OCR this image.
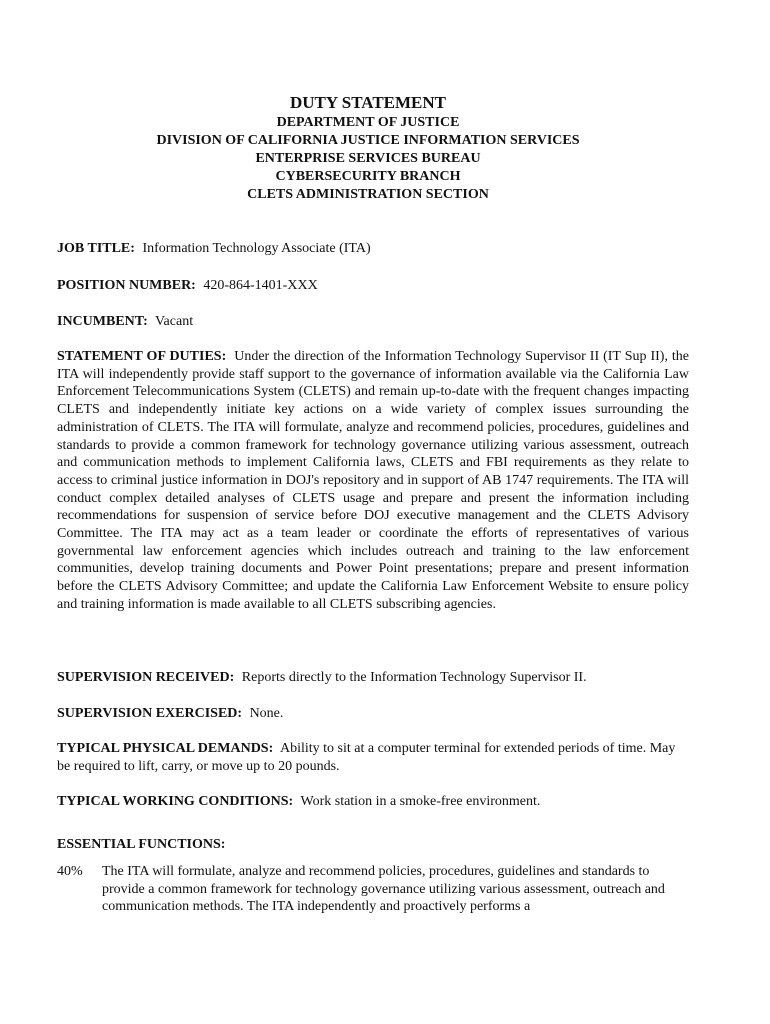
DUTY STATEMENT
DEPARTMENT OF JUSTICE
DIVISION OF CALIFORNIA JUSTICE INFORMATION SERVICES
ENTERPRISE SERVICES BUREAU
CYBERSECURITY BRANCH
CLETS ADMINISTRATION SECTION
JOB TITLE: Information Technology Associate (ITA)
POSITION NUMBER: 420-864-1401-XXX
INCUMBENT: Vacant
STATEMENT OF DUTIES: Under the direction of the Information Technology Supervisor II (IT Sup II), the ITA will independently provide staff support to the governance of information available via the California Law Enforcement Telecommunications System (CLETS) and remain up-to-date with the frequent changes impacting CLETS and independently initiate key actions on a wide variety of complex issues surrounding the administration of CLETS. The ITA will formulate, analyze and recommend policies, procedures, guidelines and standards to provide a common framework for technology governance utilizing various assessment, outreach and communication methods to implement California laws, CLETS and FBI requirements as they relate to access to criminal justice information in DOJ's repository and in support of AB 1747 requirements. The ITA will conduct complex detailed analyses of CLETS usage and prepare and present the information including recommendations for suspension of service before DOJ executive management and the CLETS Advisory Committee. The ITA may act as a team leader or coordinate the efforts of representatives of various governmental law enforcement agencies which includes outreach and training to the law enforcement communities, develop training documents and Power Point presentations; prepare and present information before the CLETS Advisory Committee; and update the California Law Enforcement Website to ensure policy and training information is made available to all CLETS subscribing agencies.
SUPERVISION RECEIVED: Reports directly to the Information Technology Supervisor II.
SUPERVISION EXERCISED: None.
TYPICAL PHYSICAL DEMANDS: Ability to sit at a computer terminal for extended periods of time. May be required to lift, carry, or move up to 20 pounds.
TYPICAL WORKING CONDITIONS: Work station in a smoke-free environment.
ESSENTIAL FUNCTIONS:
40%	The ITA will formulate, analyze and recommend policies, procedures, guidelines and standards to provide a common framework for technology governance utilizing various assessment, outreach and communication methods. The ITA independently and proactively performs a
